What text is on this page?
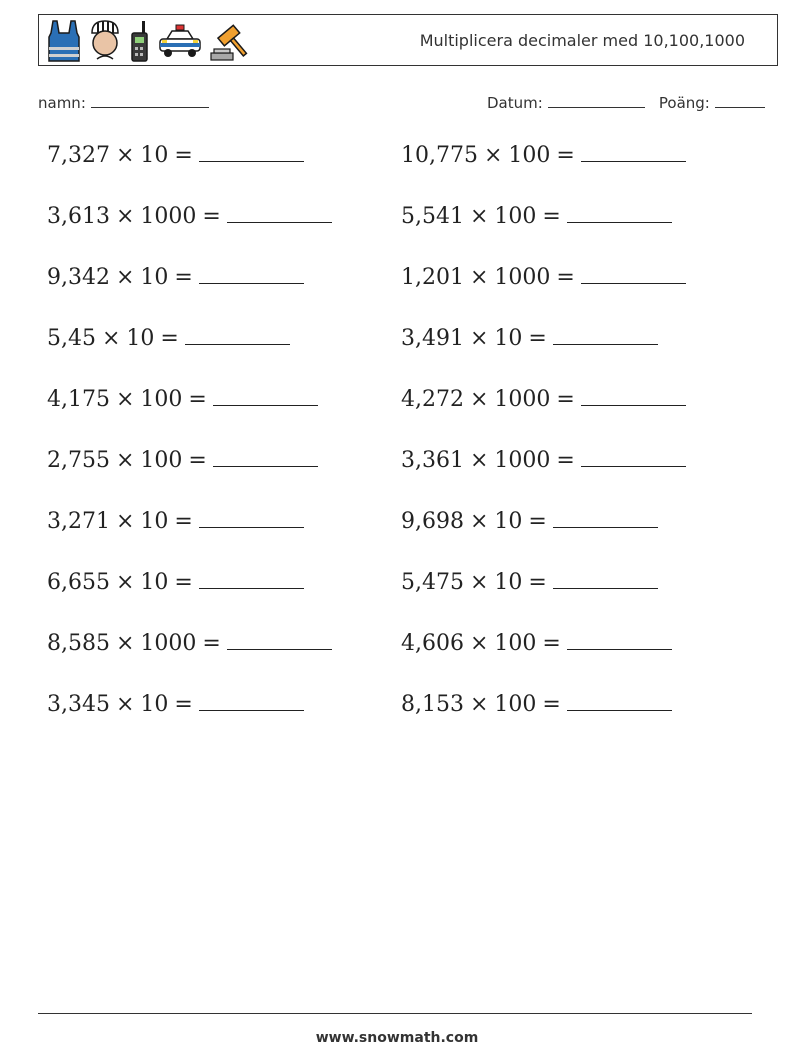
Multiplicera decimaler med 10,100,1000
namn:	Datum:	Poäng:
7,327 × 10 =	10,775 × 100 =
3,613 × 1000 =	5,541 × 100 =
9,342 × 10 =	1,201 × 1000 =
5,45 × 10 =	3,491 × 10 =
4,175 × 100 =	4,272 × 1000 =
2,755 × 100 =	3,361 × 1000 =
3,271 × 10 =	9,698 × 10 =
6,655 × 10 =	5,475 × 10 =
8,585 × 1000 =	4,606 × 100 =
3,345 × 10 =	8,153 × 100 =
www.snowmath.com
